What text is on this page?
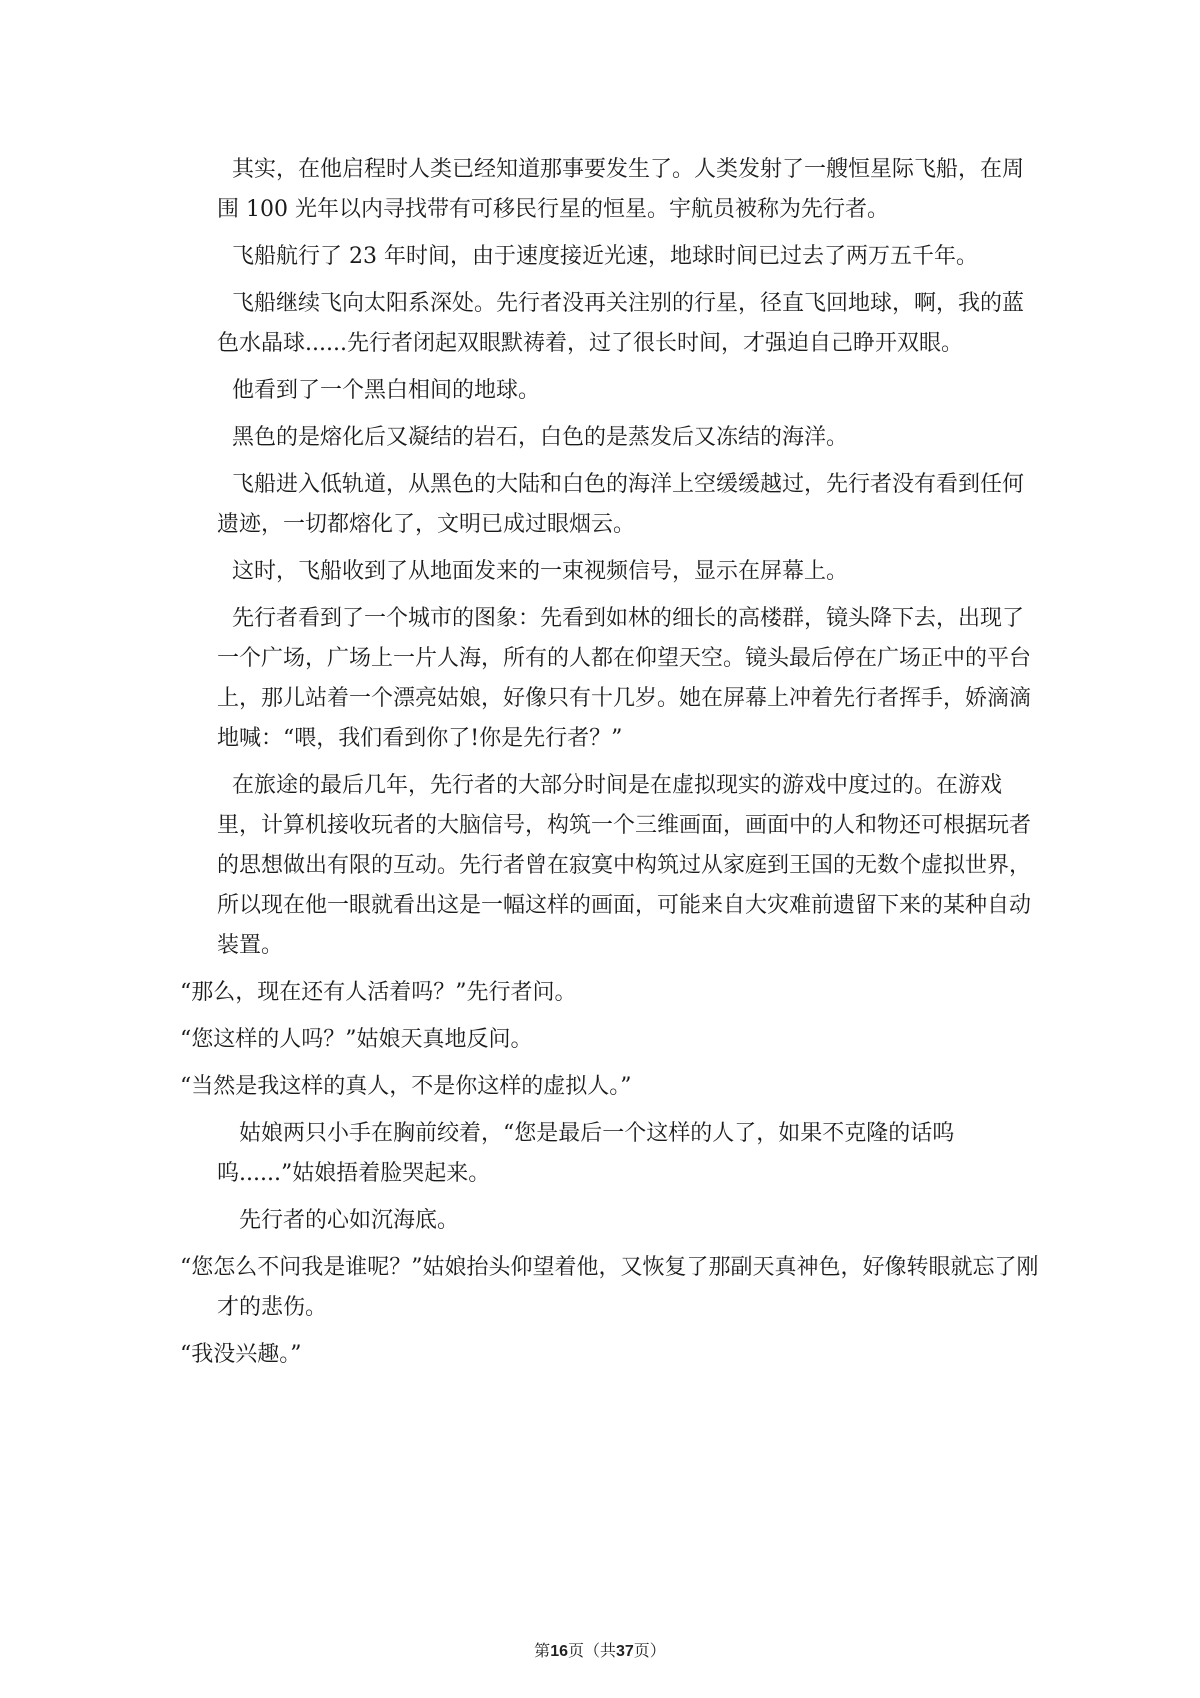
其实，在他启程时人类已经知道那事要发生了。人类发射了一艘恒星际飞船，在周围 100 光年以内寻找带有可移民行星的恒星。宇航员被称为先行者。

飞船航行了 23 年时间，由于速度接近光速，地球时间已过去了两万五千年。

飞船继续飞向太阳系深处。先行者没再关注别的行星，径直飞回地球，啊，我的蓝色水晶球......先行者闭起双眼默祷着，过了很长时间，才强迫自己睁开双眼。

他看到了一个黑白相间的地球。

黑色的是熔化后又凝结的岩石，白色的是蒸发后又冻结的海洋。

飞船进入低轨道，从黑色的大陆和白色的海洋上空缓缓越过，先行者没有看到任何遗迹，一切都熔化了，文明已成过眼烟云。

这时，飞船收到了从地面发来的一束视频信号，显示在屏幕上。

先行者看到了一个城市的图象：先看到如林的细长的高楼群，镜头降下去，出现了一个广场，广场上一片人海，所有的人都在仰望天空。镜头最后停在广场正中的平台上，那儿站着一个漂亮姑娘，好像只有十几岁。她在屏幕上冲着先行者挥手，娇滴滴地喊：“喂，我们看到你了!你是先行者？”

在旅途的最后几年，先行者的大部分时间是在虚拟现实的游戏中度过的。在游戏里，计算机接收玩者的大脑信号，构筑一个三维画面，画面中的人和物还可根据玩者的思想做出有限的互动。先行者曾在寂寞中构筑过从家庭到王国的无数个虚拟世界，所以现在他一眼就看出这是一幅这样的画面，可能来自大灾难前遗留下来的某种自动装置。

“那么，现在还有人活着吗？”先行者问。

“您这样的人吗？”姑娘天真地反问。

“当然是我这样的真人，不是你这样的虚拟人。”

姑娘两只小手在胸前绞着，“您是最后一个这样的人了，如果不克隆的话呜呜......”姑娘捂着脸哭起来。

先行者的心如沉海底。

“您怎么不问我是谁呢？”姑娘抬头仰望着他，又恢复了那副天真神色，好像转眼就忘了刚才的悲伤。

“我没兴趣。”

第16页（共37页）
